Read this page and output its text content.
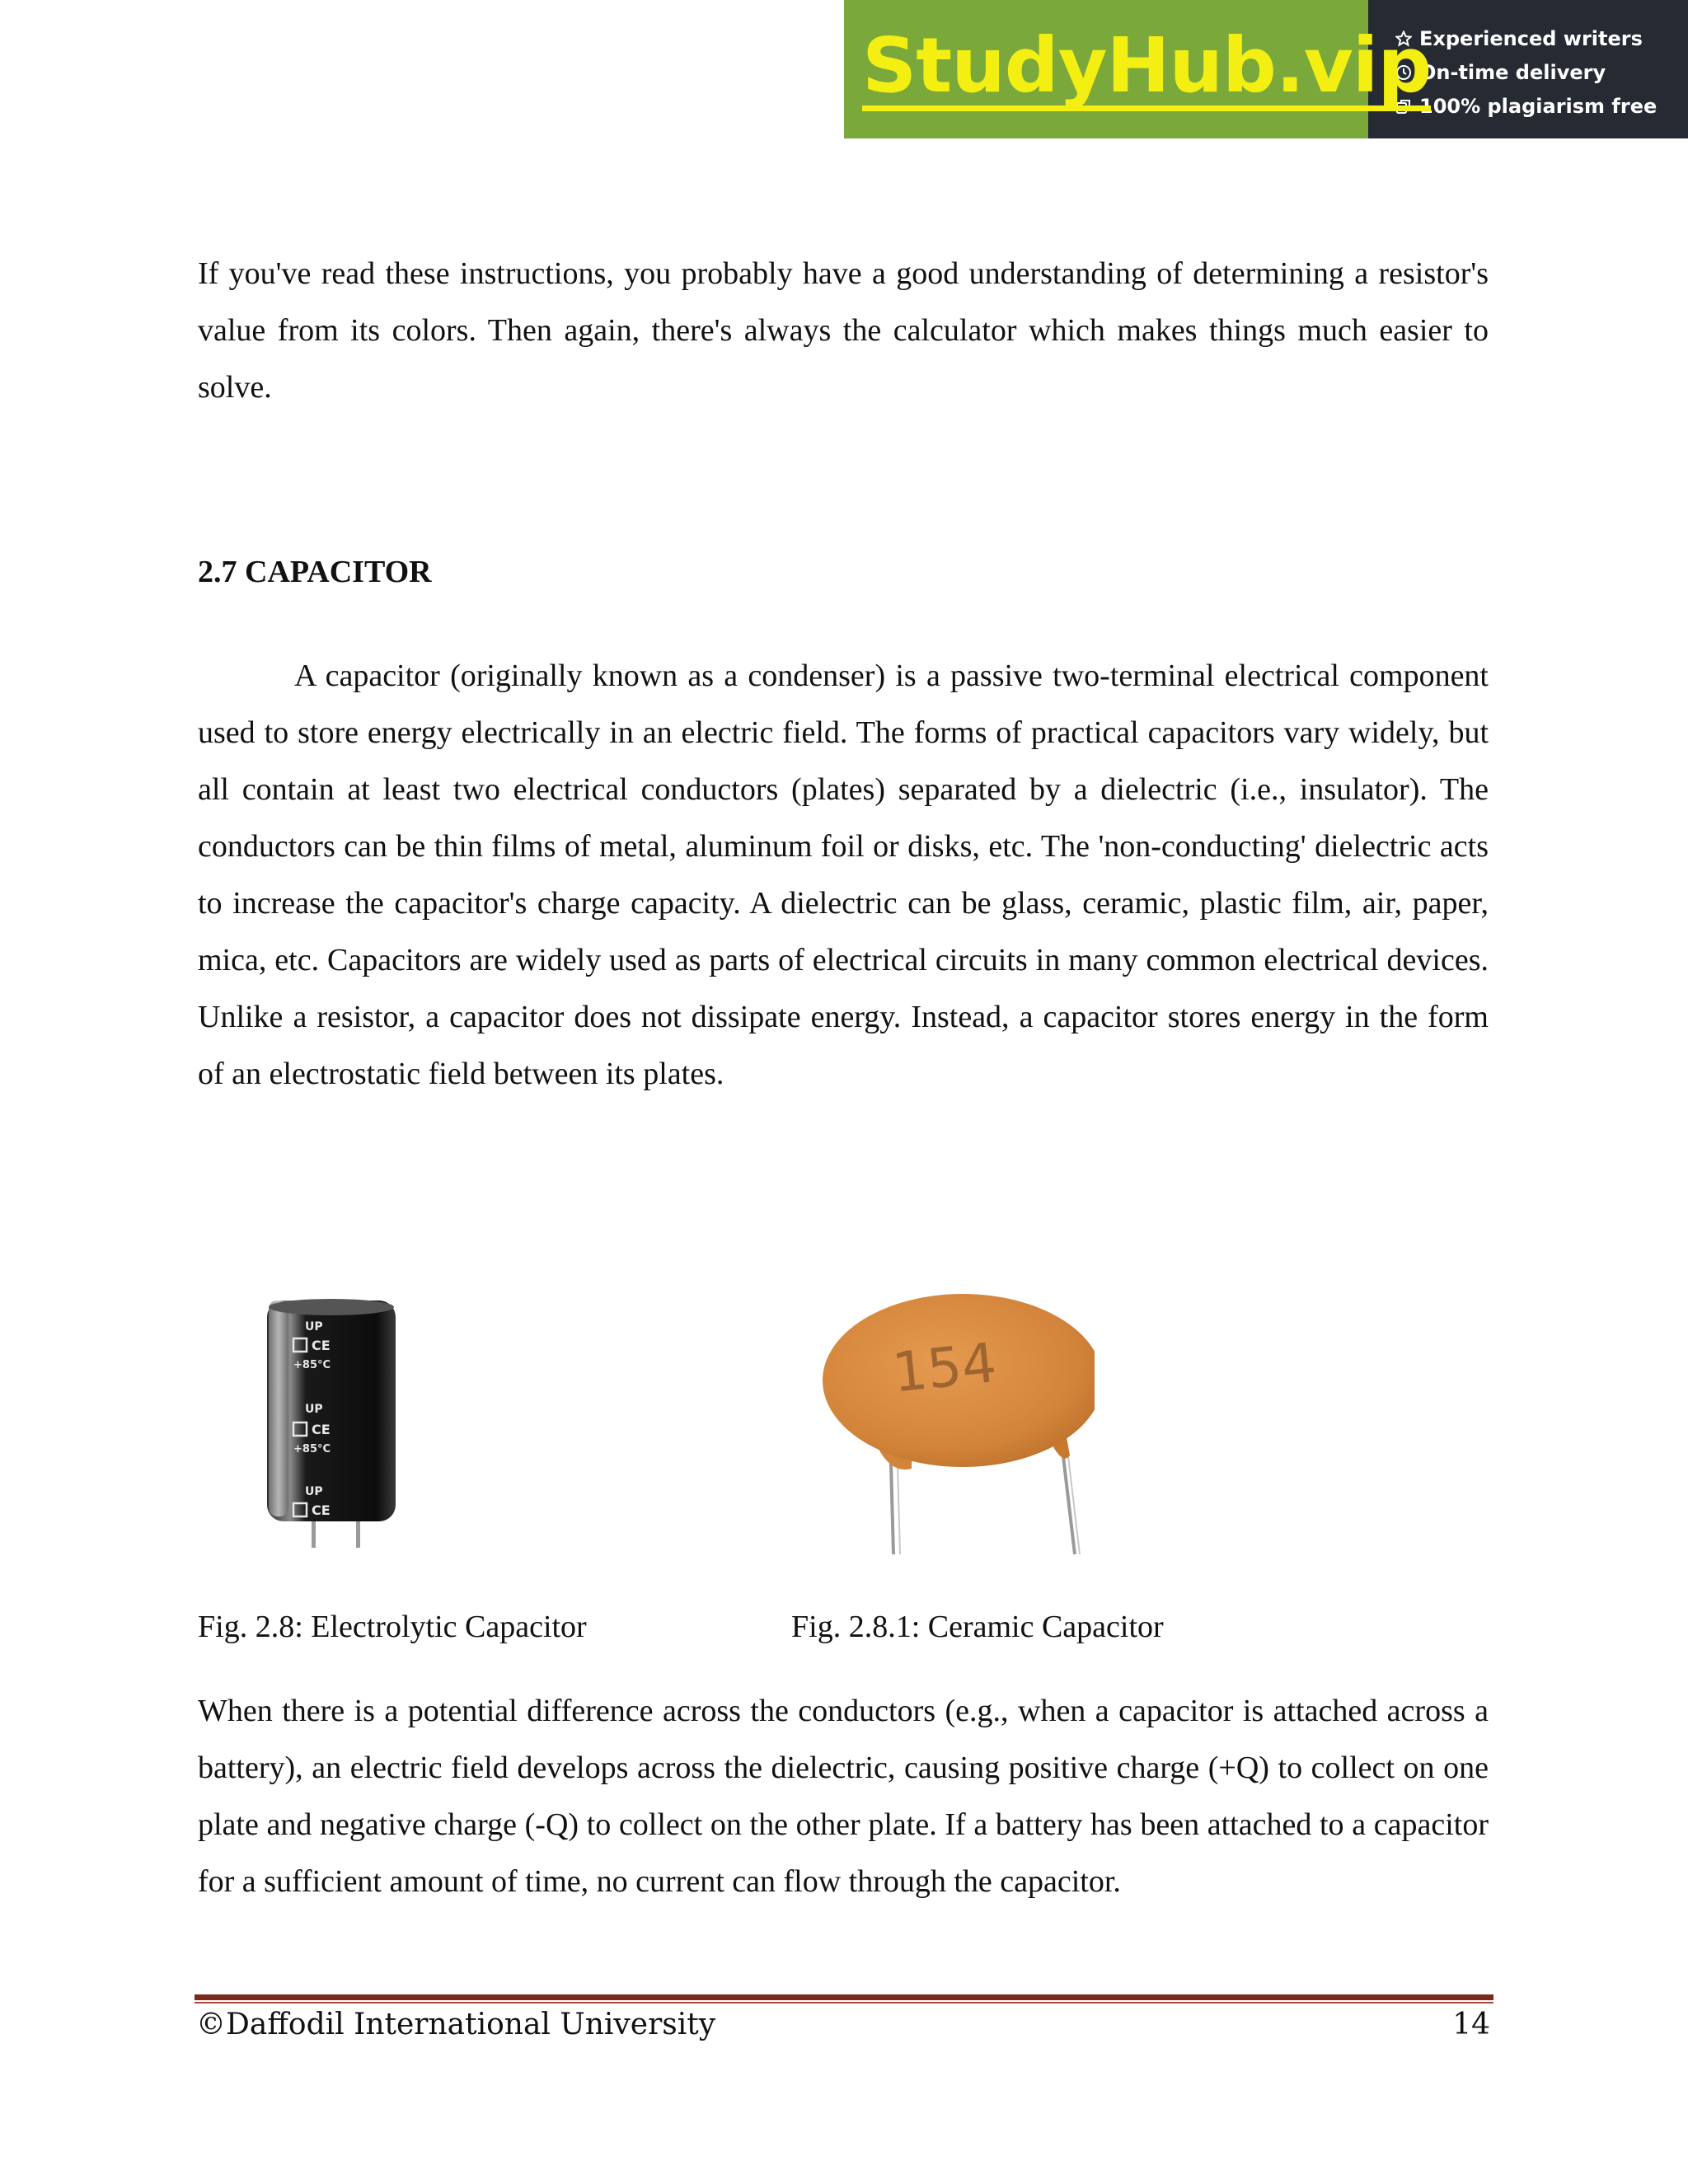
StudyHub.vip
Experienced writers
On-time delivery
100% plagiarism free

If you've read these instructions, you probably have a good understanding of determining a resistor's value from its colors. Then again, there's always the calculator which makes things much easier to solve.

2.7 CAPACITOR

A capacitor (originally known as a condenser) is a passive two-terminal electrical component used to store energy electrically in an electric field. The forms of practical capacitors vary widely, but all contain at least two electrical conductors (plates) separated by a dielectric (i.e., insulator). The conductors can be thin films of metal, aluminum foil or disks, etc. The 'non-conducting' dielectric acts to increase the capacitor's charge capacity. A dielectric can be glass, ceramic, plastic film, air, paper, mica, etc. Capacitors are widely used as parts of electrical circuits in many common electrical devices. Unlike a resistor, a capacitor does not dissipate energy. Instead, a capacitor stores energy in the form of an electrostatic field between its plates.

UP
CE
+85°C
UP
CE
+85°C
UP
CE
154

Fig. 2.8: Electrolytic Capacitor	Fig. 2.8.1: Ceramic Capacitor

When there is a potential difference across the conductors (e.g., when a capacitor is attached across a battery), an electric field develops across the dielectric, causing positive charge (+Q) to collect on one plate and negative charge (-Q) to collect on the other plate. If a battery has been attached to a capacitor for a sufficient amount of time, no current can flow through the capacitor.

©Daffodil International University	14
